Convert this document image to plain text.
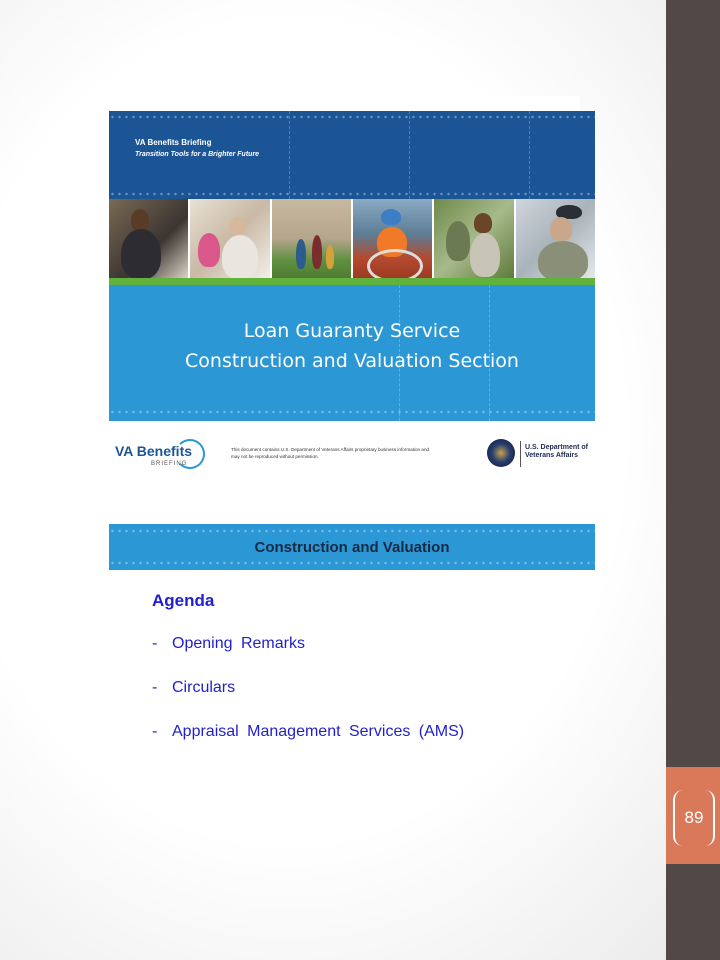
89
VA Benefits Briefing
Transition Tools for a Brighter Future
Loan Guaranty Service
Construction and Valuation Section
VA Benefits
BRIEFING
This document contains U.S. Department of Veterans Affairs proprietary business information and may not be reproduced without permission.
U.S. Department of Veterans Affairs
Construction and Valuation
Agenda
- Opening Remarks
- Circulars
- Appraisal Management Services (AMS)
